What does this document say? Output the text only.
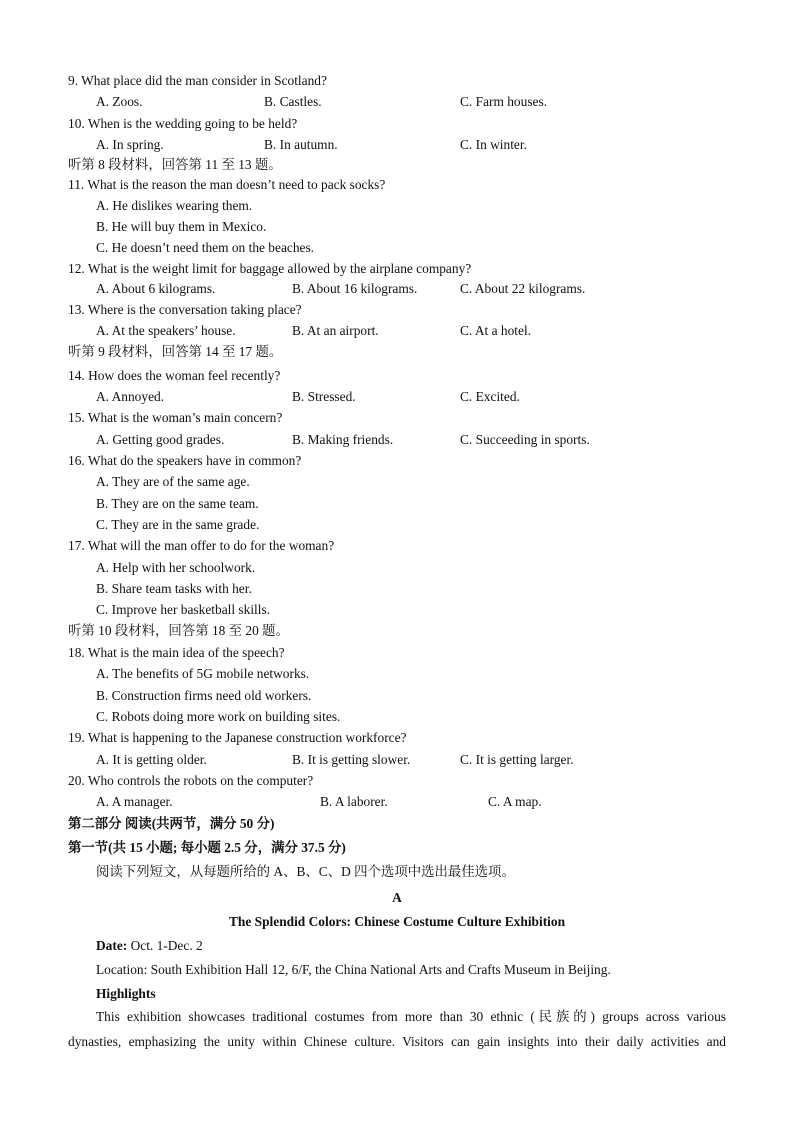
9. What place did the man consider in Scotland?
A. Zoos.	B. Castles.	C. Farm houses.
10. When is the wedding going to be held?
A. In spring.	B. In autumn.	C. In winter.
听第 8 段材料，回答第 11 至 13 题。
11. What is the reason the man doesn’t need to pack socks?
A. He dislikes wearing them.
B. He will buy them in Mexico.
C. He doesn’t need them on the beaches.
12. What is the weight limit for baggage allowed by the airplane company?
A. About 6 kilograms.	B. About 16 kilograms.	C. About 22 kilograms.
13. Where is the conversation taking place?
A. At the speakers’ house.	B. At an airport.	C. At a hotel.
听第 9 段材料，回答第 14 至 17 题。
14. How does the woman feel recently?
A. Annoyed.	B. Stressed.	C. Excited.
15. What is the woman’s main concern?
A. Getting good grades.	B. Making friends.	C. Succeeding in sports.
16. What do the speakers have in common?
A. They are of the same age.
B. They are on the same team.
C. They are in the same grade.
17. What will the man offer to do for the woman?
A. Help with her schoolwork.
B. Share team tasks with her.
C. Improve her basketball skills.
听第 10 段材料，回答第 18 至 20 题。
18. What is the main idea of the speech?
A. The benefits of 5G mobile networks.
B. Construction firms need old workers.
C. Robots doing more work on building sites.
19. What is happening to the Japanese construction workforce?
A. It is getting older.	B. It is getting slower.	C. It is getting larger.
20. Who controls the robots on the computer?
A. A manager.	B. A laborer.	C. A map.
第二部分 阅读(共两节，满分 50 分)
第一节(共 15 小题; 每小题 2.5 分，满分 37.5 分)
阅读下列短文，从每题所给的 A、B、C、D 四个选项中选出最佳选项。
A
The Splendid Colors: Chinese Costume Culture Exhibition
Date: Oct. 1-Dec. 2
Location: South Exhibition Hall 12, 6/F, the China National Arts and Crafts Museum in Beijing.
Highlights
This exhibition showcases traditional costumes from more than 30 ethnic (民族的) groups across various
dynasties, emphasizing the unity within Chinese culture. Visitors can gain insights into their daily activities and
